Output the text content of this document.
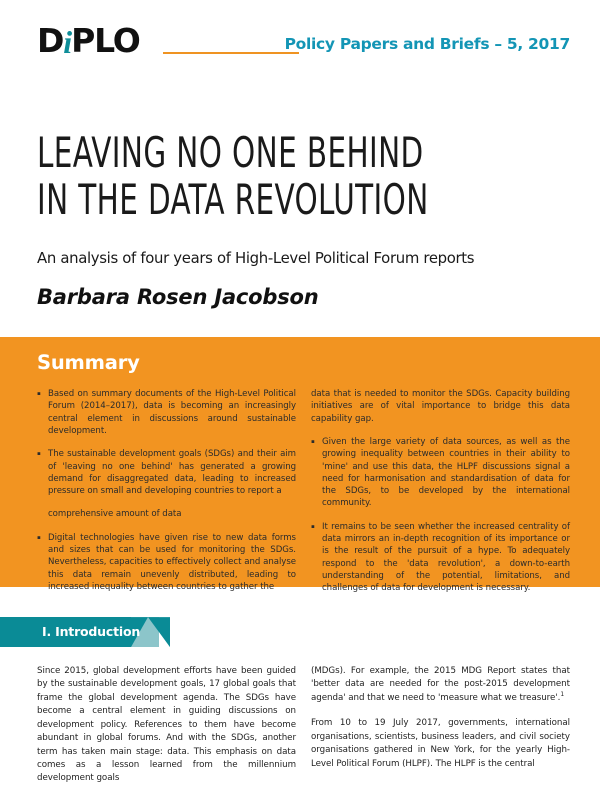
DiPLO	Policy Papers and Briefs – 5, 2017
LEAVING NO ONE BEHIND
IN THE DATA REVOLUTION
An analysis of four years of High-Level Political Forum reports
Barbara Rosen Jacobson
Summary
▪ Based on summary documents of the High-Level Political Forum (2014–2017), data is becoming an increasingly central element in discussions around sustainable development.
▪ The sustainable development goals (SDGs) and their aim of 'leaving no one behind' has generated a growing demand for disaggregated data, leading to increased pressure on small and developing countries to report a
comprehensive amount of data
▪ Digital technologies have given rise to new data forms and sizes that can be used for monitoring the SDGs. Nevertheless, capacities to effectively collect and analyse this data remain unevenly distributed, leading to increased inequality between countries to gather the
data that is needed to monitor the SDGs. Capacity building initiatives are of vital importance to bridge this data capability gap.
▪ Given the large variety of data sources, as well as the growing inequality between countries in their ability to 'mine' and use this data, the HLPF discussions signal a need for harmonisation and standardisation of data for the SDGs, to be developed by the international community.
▪ It remains to be seen whether the increased centrality of data mirrors an in-depth recognition of its importance or is the result of the pursuit of a hype. To adequately respond to the 'data revolution', a down-to-earth understanding of the potential, limitations, and challenges of data for development is necessary.
I. Introduction

Since 2015, global development efforts have been guided by the sustainable development goals, 17 global goals that frame the global development agenda. The SDGs have become a central element in guiding discussions on development policy. References to them have become abundant in global forums. And with the SDGs, another term has taken main stage: data. This emphasis on data comes as a lesson learned from the millennium development goals

(MDGs). For example, the 2015 MDG Report states that 'better data are needed for the post-2015 development agenda' and that we need to 'measure what we treasure'.$^1$

From 10 to 19 July 2017, governments, international organisations, scientists, business leaders, and civil society organisations gathered in New York, for the yearly High-Level Political Forum (HLPF). The HLPF is the central
